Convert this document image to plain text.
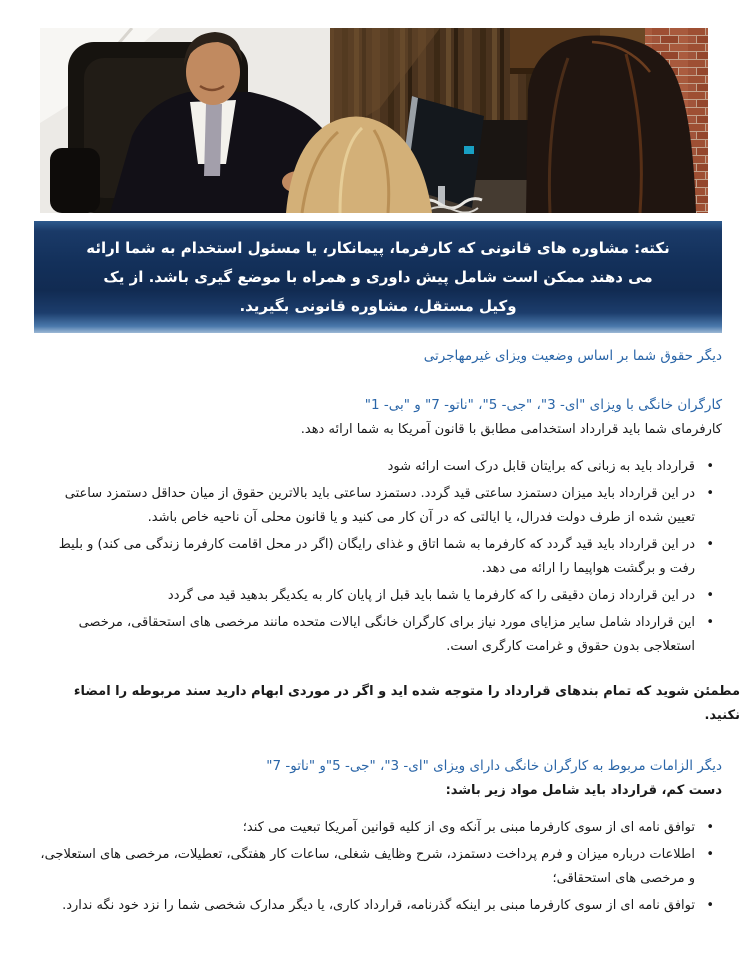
نکته: مشاوره های قانونی که کارفرما، پیمانکار، یا مسئول استخدام به شما ارائه می دهند ممکن است شامل پیش داوری و همراه با موضع گیری باشد. از یک وکیل مستقل، مشاوره قانونی بگیرید.

دیگر حقوق شما بر اساس وضعیت ویزای غیرمهاجرتی

کارگران خانگی با ویزای "ای- 3"، "جی- 5"، "ناتو- 7" و "بی- 1"

کارفرمای شما باید قرارداد استخدامی مطابق با قانون آمریکا به شما ارائه دهد.

•
قرارداد باید به زبانی که برایتان قابل درک است ارائه شود
•
در این قرارداد باید میزان دستمزد ساعتی قید گردد. دستمزد ساعتی باید بالاترین حقوق از میان حداقل دستمزد ساعتی تعیین شده از طرف دولت فدرال، یا ایالتی که در آن کار می کنید و یا قانون محلی آن ناحیه خاص باشد.
•
در این قرارداد باید قید گردد که کارفرما به شما اتاق و غذای رایگان (اگر در محل اقامت کارفرما زندگی می کند) و بلیط رفت و برگشت هواپیما را ارائه می دهد.
•
در این قرارداد زمان دقیقی را که کارفرما یا شما باید قبل از پایان کار به یکدیگر بدهید قید می گردد
•
این قرارداد شامل سایر مزایای مورد نیاز برای کارگران خانگی ایالات متحده مانند مرخصی های استحقاقی، مرخصی استعلاجی بدون حقوق و غرامت کارگری است.

مطمئن شوید که تمام بندهای قرارداد را متوجه شده اید و اگر در موردی ابهام دارید سند مربوطه را امضاء نکنید.

دیگر الزامات مربوط به کارگران خانگی دارای ویزای "ای- 3"، "جی- 5"و "ناتو- 7"

دست کم، قرارداد باید شامل مواد زیر باشد:

•
توافق نامه ای از سوی کارفرما مبنی بر آنکه وی از کلیه قوانین آمریکا تبعیت می کند؛
•
اطلاعات درباره میزان و فرم پرداخت دستمزد، شرح وظایف شغلی، ساعات کار هفتگی، تعطیلات، مرخصی های استعلاجی، و مرخصی های استحقاقی؛
•
توافق نامه ای از سوی کارفرما مبنی بر اینکه گذرنامه، قرارداد کاری، یا دیگر مدارک شخصی شما را نزد خود نگه ندارد.
